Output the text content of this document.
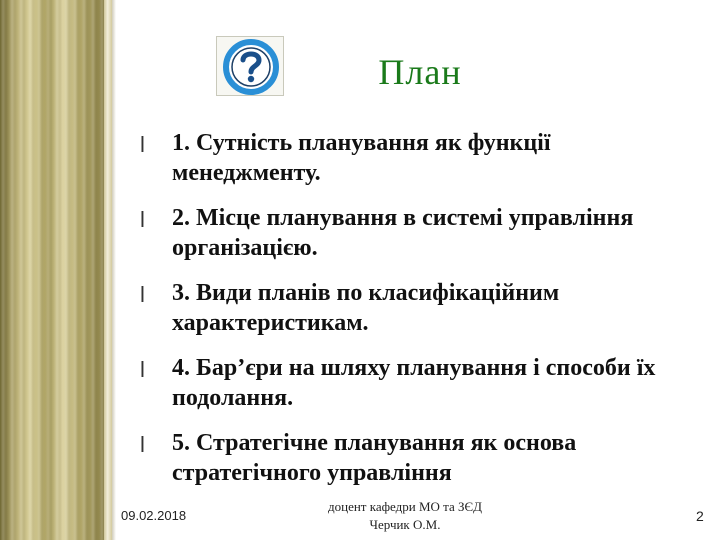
План
l 1. Сутність планування як функції менеджменту.
l 2. Місце планування в системі управління організацією.
l 3. Види планів по класифікаційним характеристикам.
l 4. Бар’єри на шляху планування і способи їх подолання.
l 5. Стратегічне планування як основа стратегічного управління
09.02.2018
доцент кафедри МО та ЗЄД
Черчик О.М.
2
